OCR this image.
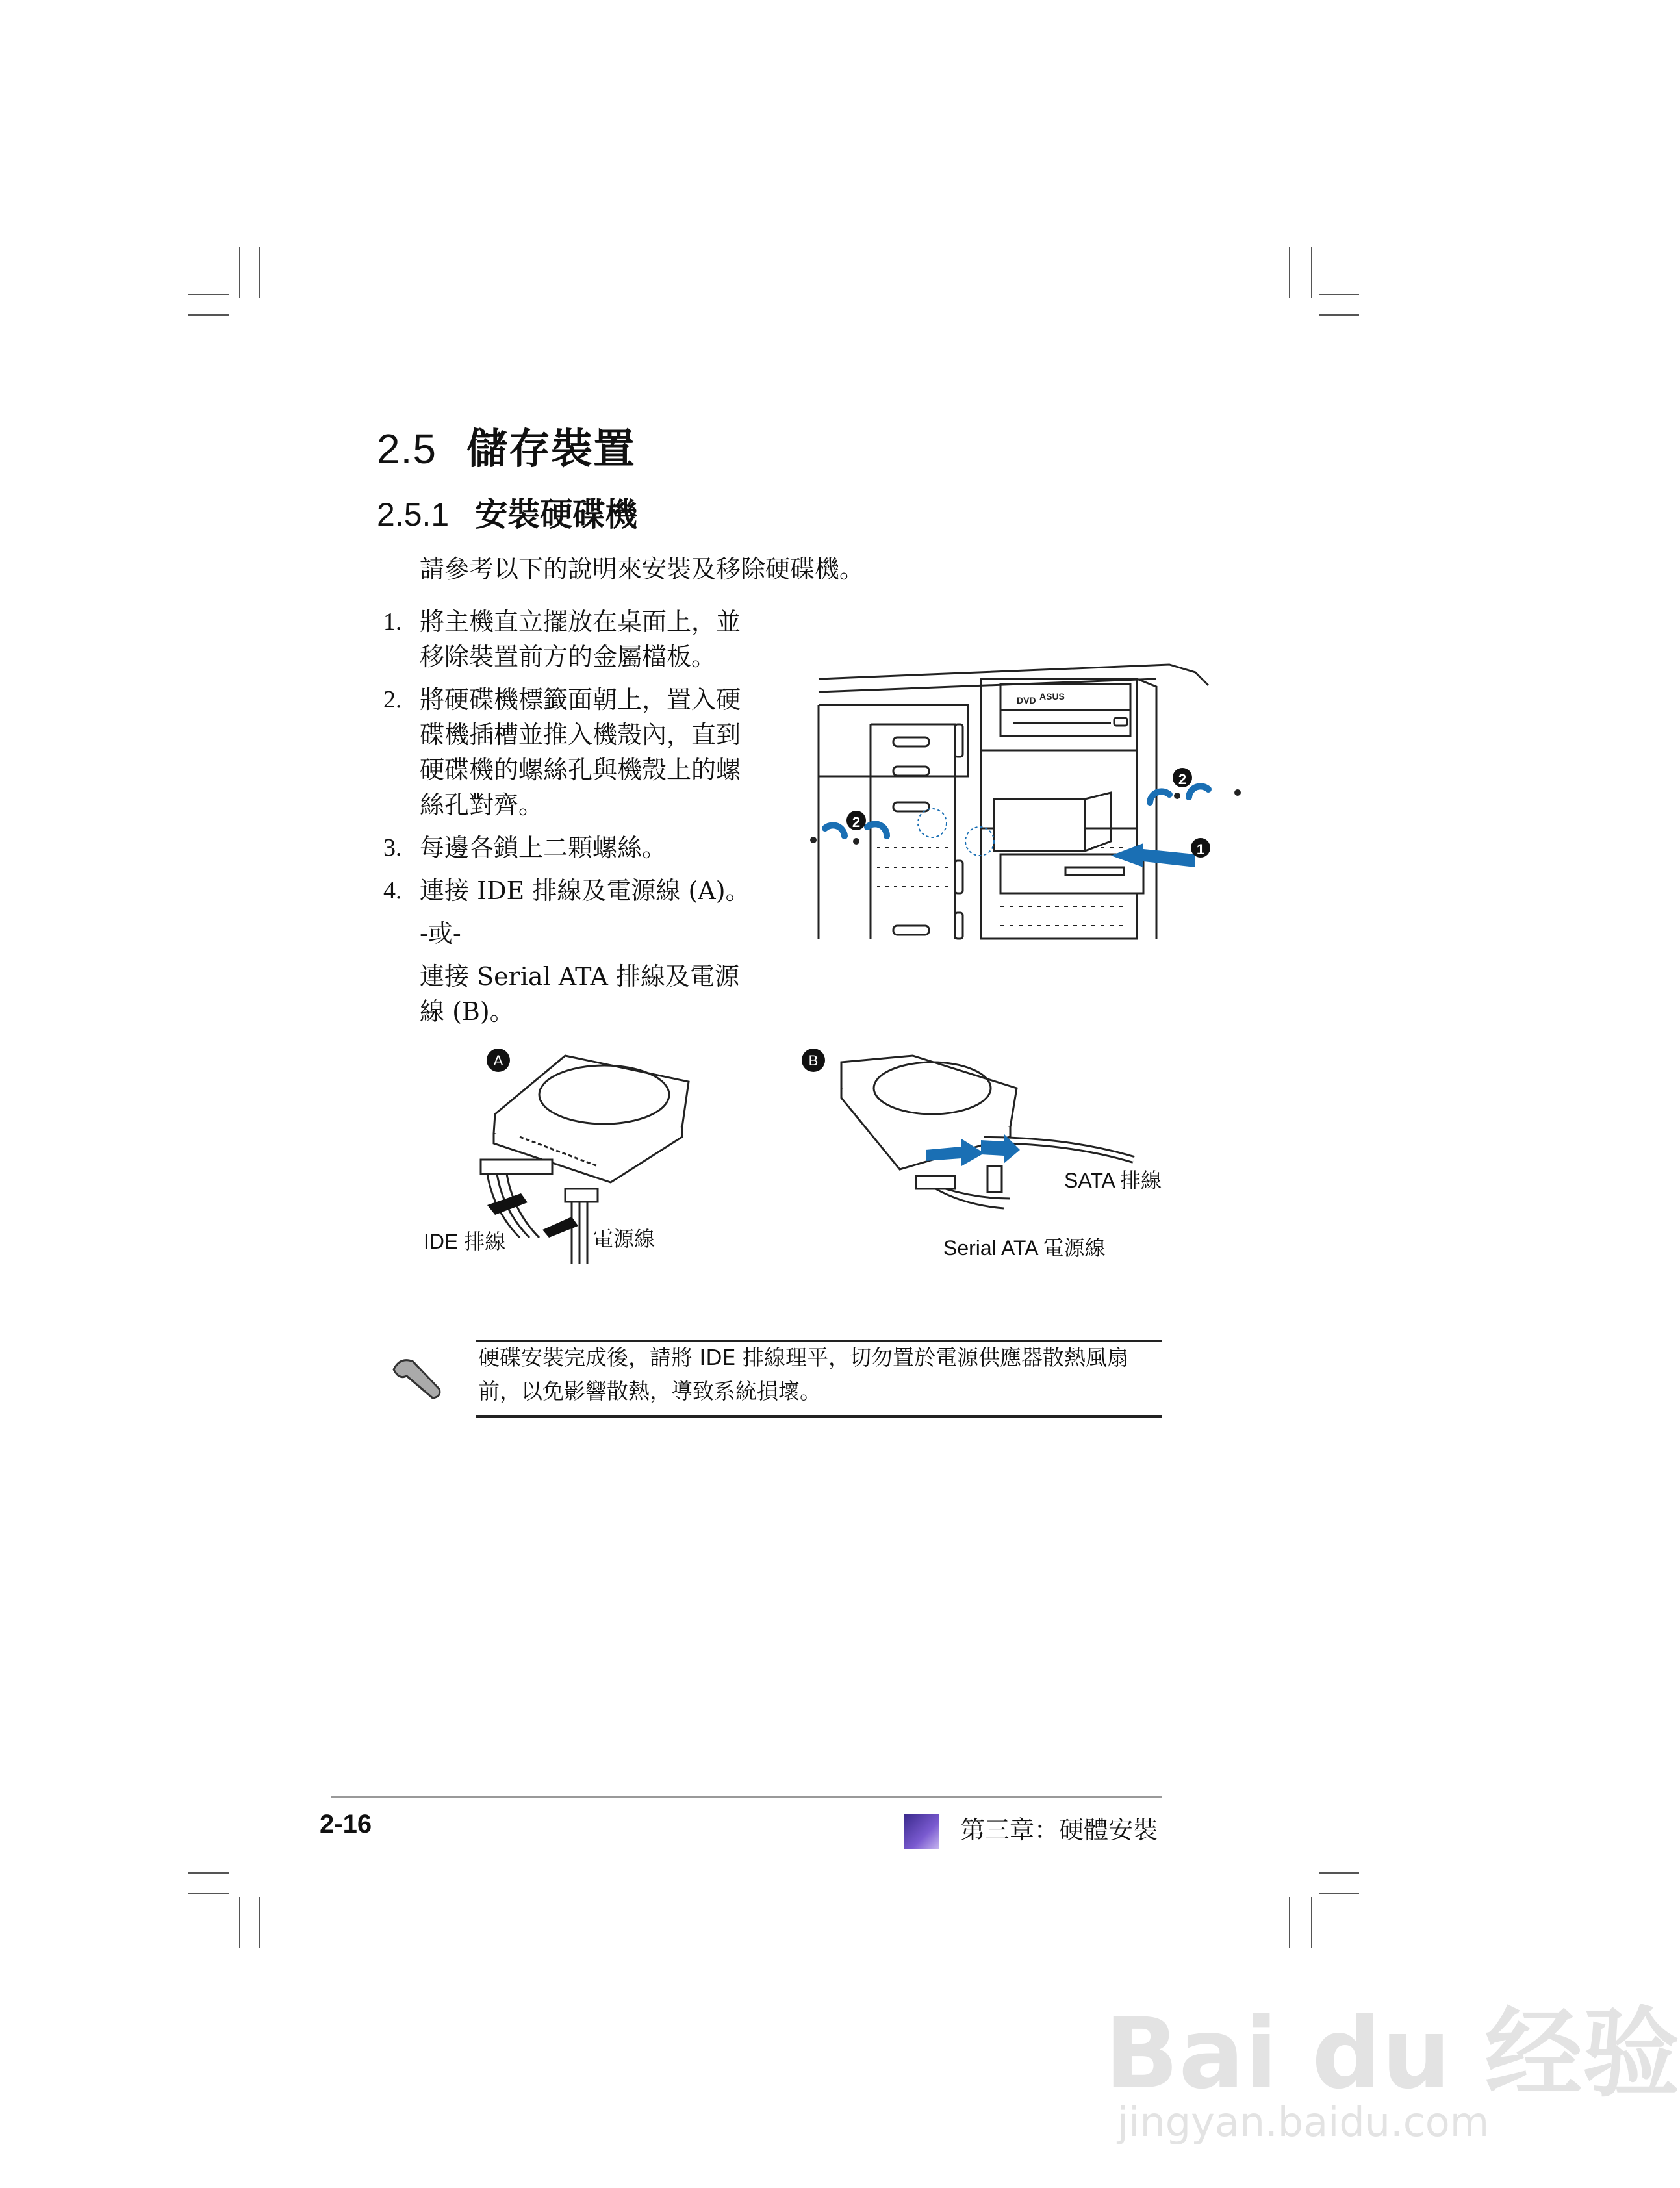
2.5 儲存裝置
2.5.1 安裝硬碟機
請參考以下的說明來安裝及移除硬碟機。
1. 將主機直立擺放在桌面上，並移除裝置前方的金屬檔板。
2. 將硬碟機標籤面朝上，置入硬碟機插槽並推入機殼內，直到硬碟機的螺絲孔與機殼上的螺絲孔對齊。
3. 每邊各鎖上二顆螺絲。
4. 連接 IDE 排線及電源線 (A)。
-或-
連接 Serial ATA 排線及電源線 (B)。
1
2
2
DVD ASUS
A
IDE 排線	電源線
B
SATA 排線
Serial ATA 電源線
硬碟安裝完成後，請將 IDE 排線理平，切勿置於電源供應器散熱風扇前，以免影響散熱，導致系統損壞。
2-16	第三章：硬體安裝
Bai du 经验
jingyan.baidu.com
